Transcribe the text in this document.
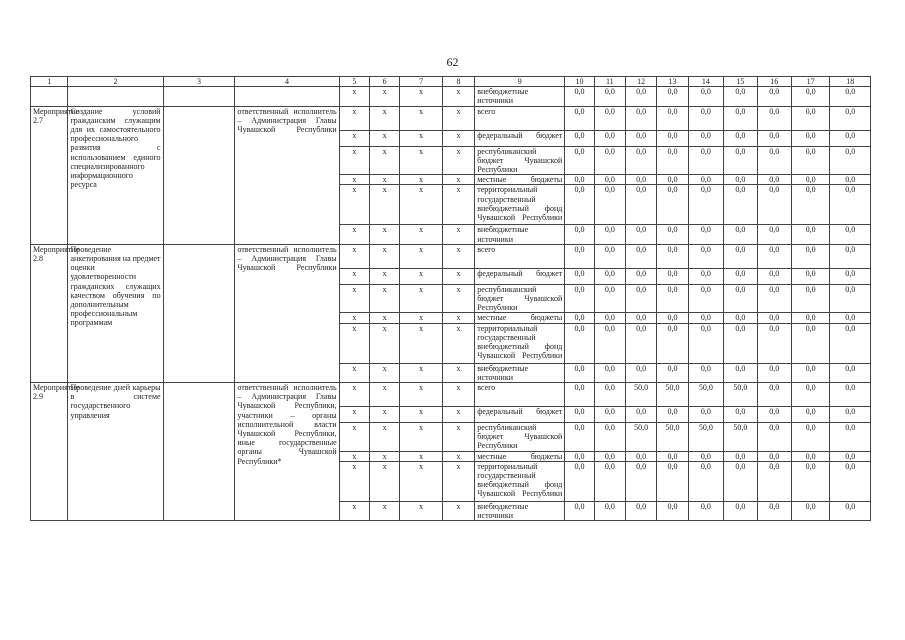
62
1	2	3	4	5	6	7	8	9	10	11	12	13	14	15	16	17	18
				х	х	х	х	внебюджетные источники	0,0	0,0	0,0	0,0	0,0	0,0	0,0	0,0	0,0
Мероприятие 2.7	Создание условий гражданским служащим для их самостоятельного профессионального развития с использованием единого специализированного информационного ресурса		ответственный исполнитель – Администрация Главы Чувашской Республики	х	х	х	х	всего	0,0	0,0	0,0	0,0	0,0	0,0	0,0	0,0	0,0
				х	х	х	х	федеральный бюджет	0,0	0,0	0,0	0,0	0,0	0,0	0,0	0,0	0,0
				х	х	х	х	республиканский бюджет Чувашской Республики	0,0	0,0	0,0	0,0	0,0	0,0	0,0	0,0	0,0
				х	х	х	х	местные бюджеты	0,0	0,0	0,0	0,0	0,0	0,0	0,0	0,0	0,0
				х	х	х	х	территориальный государственный внебюджетный фонд Чувашской Республики	0,0	0,0	0,0	0,0	0,0	0,0	0,0	0,0	0,0
				х	х	х	х	внебюджетные источники	0,0	0,0	0,0	0,0	0,0	0,0	0,0	0,0	0,0
Мероприятие 2.8	Проведение анкетирования на предмет оценки удовлетворенности гражданских служащих качеством обучения по дополнительным профессиональным программам		ответственный исполнитель – Администрация Главы Чувашской Республики	х	х	х	х	всего	0,0	0,0	0,0	0,0	0,0	0,0	0,0	0,0	0,0
				х	х	х	х	федеральный бюджет	0,0	0,0	0,0	0,0	0,0	0,0	0,0	0,0	0,0
				х	х	х	х	республиканский бюджет Чувашской Республики	0,0	0,0	0,0	0,0	0,0	0,0	0,0	0,0	0,0
				х	х	х	х	местные бюджеты	0,0	0,0	0,0	0,0	0,0	0,0	0,0	0,0	0,0
				х	х	х	х	территориальный государственный внебюджетный фонд Чувашской Республики	0,0	0,0	0,0	0,0	0,0	0,0	0,0	0,0	0,0
				х	х	х	х	внебюджетные источники	0,0	0,0	0,0	0,0	0,0	0,0	0,0	0,0	0,0
Мероприятие 2.9	Проведение дней карьеры в системе государственного управления		ответственный исполнитель – Администрация Главы Чувашской Республики, участники – органы исполнительной власти Чувашской Республики, иные государственные органы Чувашской Республики*	х	х	х	х	всего	0,0	0,0	50,0	50,0	50,0	50,0	0,0	0,0	0,0
				х	х	х	х	федеральный бюджет	0,0	0,0	0,0	0,0	0,0	0,0	0,0	0,0	0,0
				х	х	х	х	республиканский бюджет Чувашской Республики	0,0	0,0	50,0	50,0	50,0	50,0	0,0	0,0	0,0
				х	х	х	х	местные бюджеты	0,0	0,0	0,0	0,0	0,0	0,0	0,0	0,0	0,0
				х	х	х	х	территориальный государственный внебюджетный фонд Чувашской Республики	0,0	0,0	0,0	0,0	0,0	0,0	0,0	0,0	0,0
				х	х	х	х	внебюджетные источники	0,0	0,0	0,0	0,0	0,0	0,0	0,0	0,0	0,0
